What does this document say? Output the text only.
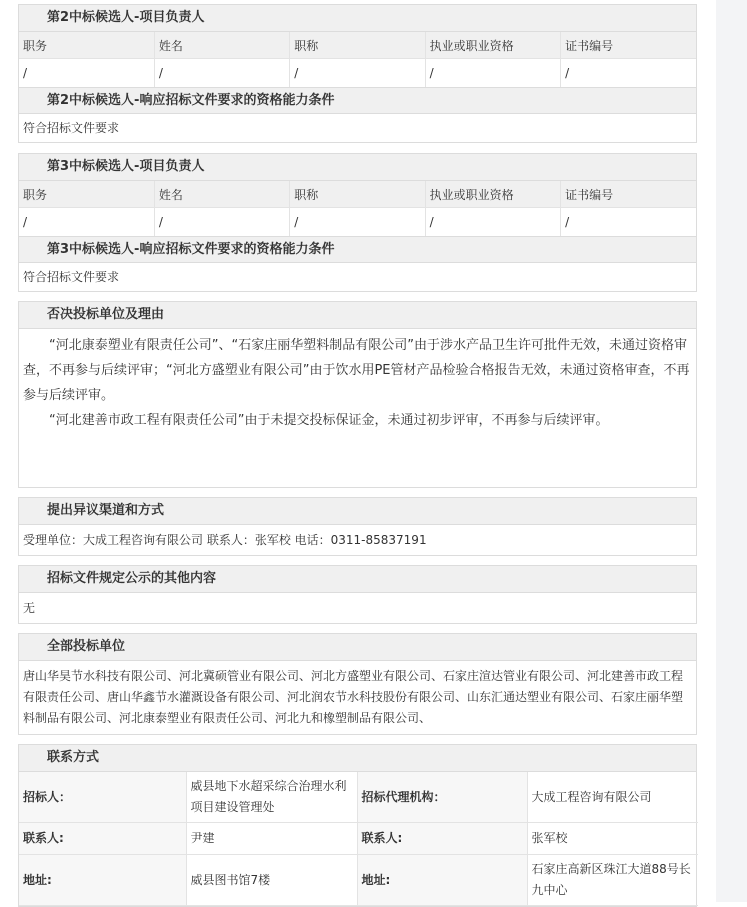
第2中标候选人-项目负责人
职务	姓名	职称	执业或职业资格	证书编号
/	/	/	/	/
第2中标候选人-响应招标文件要求的资格能力条件
符合招标文件要求
第3中标候选人-项目负责人
职务	姓名	职称	执业或职业资格	证书编号
/	/	/	/	/
第3中标候选人-响应招标文件要求的资格能力条件
符合招标文件要求
否决投标单位及理由

“河北康泰塑业有限责任公司”、“石家庄丽华塑料制品有限公司”由于涉水产品卫生许可批件无效，未通过资格审查，不再参与后续评审；“河北方盛塑业有限公司”由于饮水用PE管材产品检验合格报告无效，未通过资格审查，不再参与后续评审。

“河北建善市政工程有限责任公司”由于未提交投标保证金，未通过初步评审，不再参与后续评审。

提出异议渠道和方式
受理单位：大成工程咨询有限公司 联系人：张军校 电话：0311-85837191
招标文件规定公示的其他内容
无
全部投标单位
唐山华昊节水科技有限公司、河北冀硕管业有限公司、河北方盛塑业有限公司、石家庄渲达管业有限公司、河北建善市政工程有限责任公司、唐山华鑫节水灌溉设备有限公司、河北润农节水科技股份有限公司、山东汇通达塑业有限公司、石家庄丽华塑料制品有限公司、河北康泰塑业有限责任公司、河北九和橡塑制品有限公司、
联系方式
招标人：	威县地下水超采综合治理水利项目建设管理处	招标代理机构：	大成工程咨询有限公司
联系人:	尹建	联系人:	张军校
地址:	威县图书馆7楼	地址:	石家庄高新区珠江大道88号长九中心
